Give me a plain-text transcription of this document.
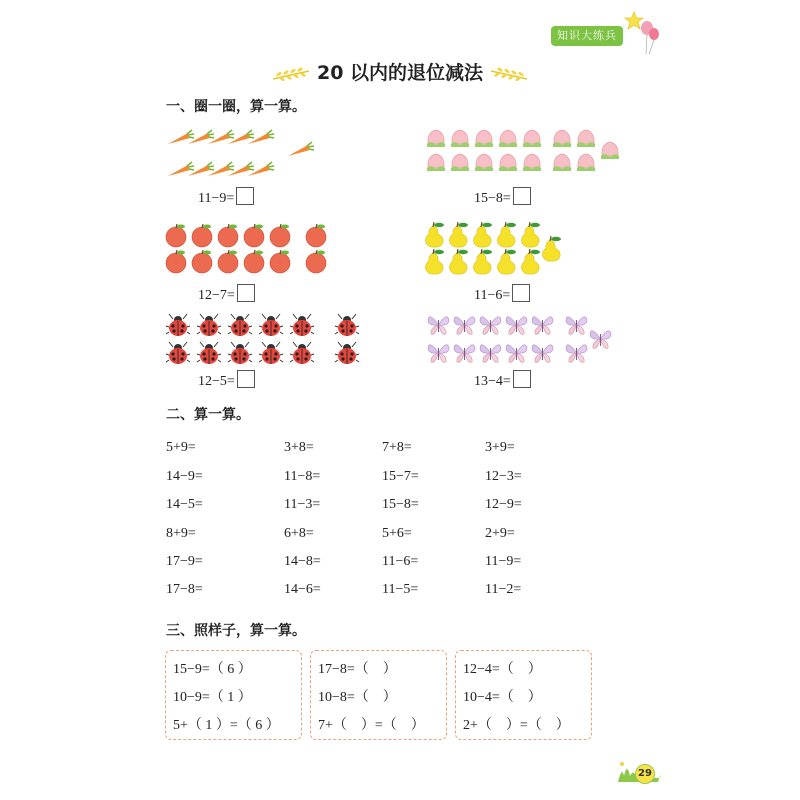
知识大练兵
20 以内的退位减法
一、圈一圈，算一算。
11−9=	15−8=
12−7=	11−6=
12−5=	13−4=
二、算一算。
5+9=	3+8=	7+8=	3+9=
14−9=	11−8=	15−7=	12−3=
14−5=	11−3=	15−8=	12−9=
8+9=	6+8=	5+6=	2+9=
17−9=	14−8=	11−6=	11−9=
17−8=	14−6=	11−5=	11−2=
三、照样子，算一算。
15−9=（ 6 ）
10−9=（ 1 ）
5+（ 1 ）=（ 6 ）
17−8=（    ）
10−8=（    ）
7+（    ）=（    ）
12−4=（    ）
10−4=（    ）
2+（    ）=（    ）
29
